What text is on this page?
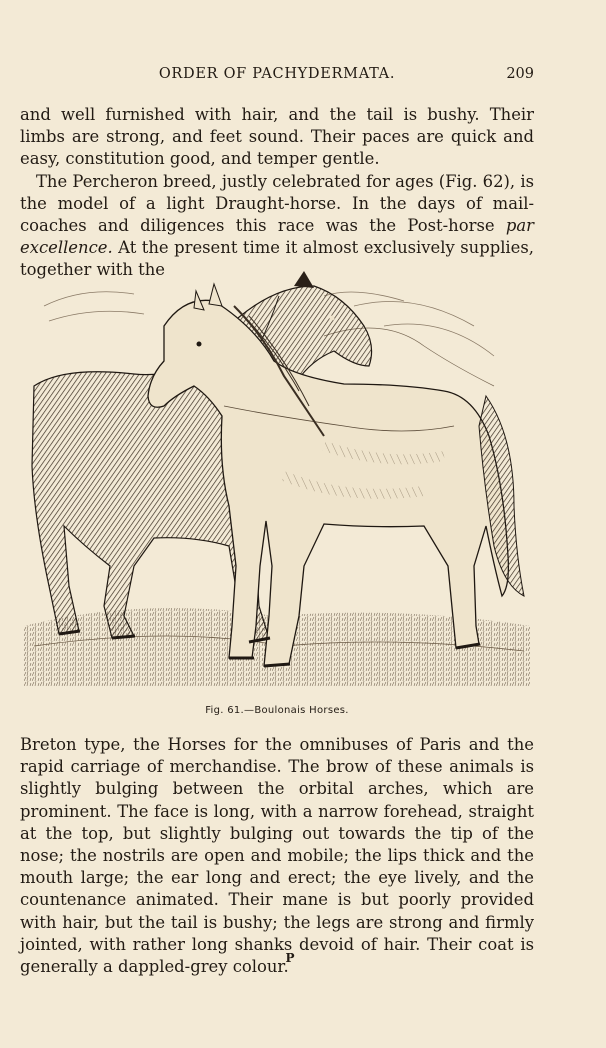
ORDER OF PACHYDERMATA.	209

and well furnished with hair, and the tail is bushy. Their limbs are strong, and feet sound. Their paces are quick and easy, constitution good, and temper gentle.

The Percheron breed, justly celebrated for ages (Fig. 62), is the model of a light Draught-horse. In the days of mail-coaches and diligences this race was the Post-horse par excellence. At the present time it almost exclusively supplies, together with the

Fig. 61.—Boulonais Horses.

Breton type, the Horses for the omnibuses of Paris and the rapid carriage of merchandise. The brow of these animals is slightly bulging between the orbital arches, which are prominent. The face is long, with a narrow forehead, straight at the top, but slightly bulging out towards the tip of the nose; the nostrils are open and mobile; the lips thick and the mouth large; the ear long and erect; the eye lively, and the countenance animated. Their mane is but poorly provided with hair, but the tail is bushy; the legs are strong and firmly jointed, with rather long shanks devoid of hair. Their coat is generally a dappled-grey colour.

P
